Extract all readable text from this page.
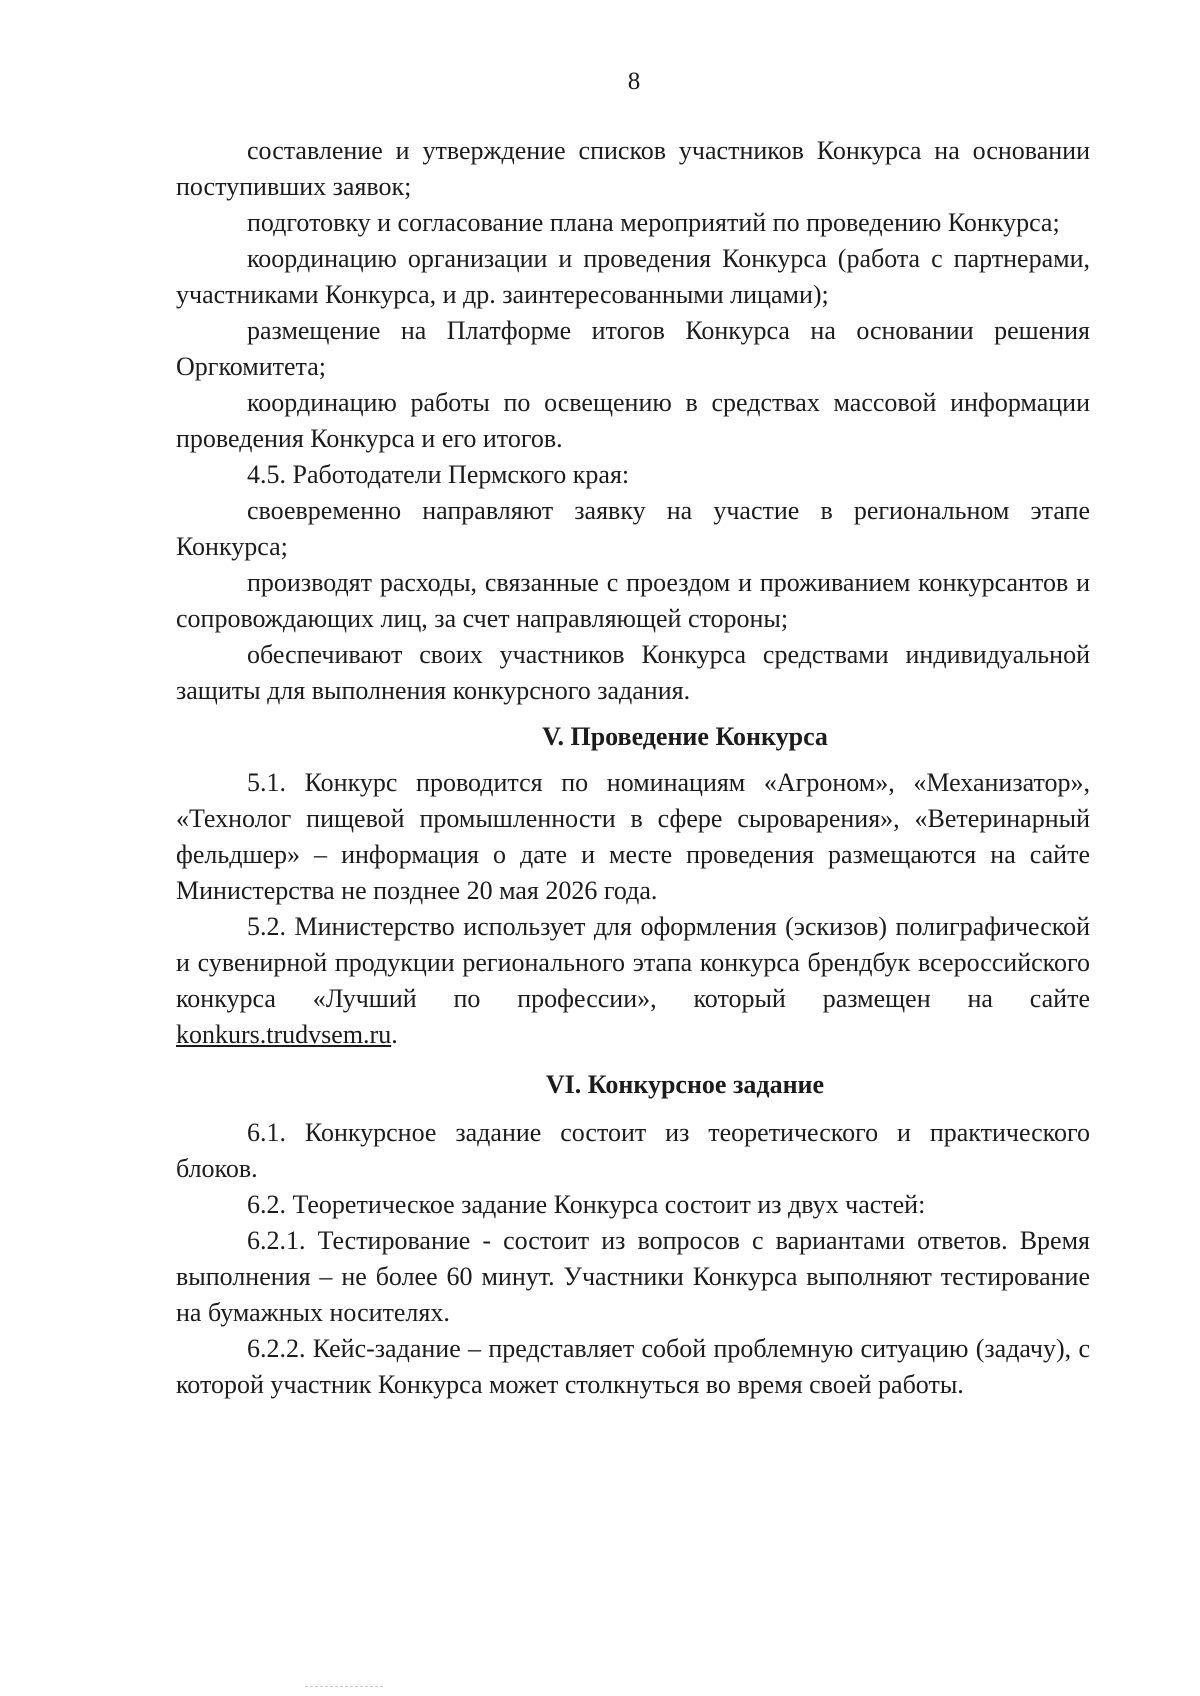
8

составление и утверждение списков участников Конкурса на основании поступивших заявок;

подготовку и согласование плана мероприятий по проведению Конкурса;

координацию организации и проведения Конкурса (работа с партнерами, участниками Конкурса, и др. заинтересованными лицами);

размещение на Платформе итогов Конкурса на основании решения Оргкомитета;

координацию работы по освещению в средствах массовой информации проведения Конкурса и его итогов.

4.5. Работодатели Пермского края:

своевременно направляют заявку на участие в региональном этапе Конкурса;

производят расходы, связанные с проездом и проживанием конкурсантов и сопровождающих лиц, за счет направляющей стороны;

обеспечивают своих участников Конкурса средствами индивидуальной защиты для выполнения конкурсного задания.

V. Проведение Конкурса

5.1. Конкурс проводится по номинациям «Агроном», «Механизатор», «Технолог пищевой промышленности в сфере сыроварения», «Ветеринарный фельдшер» – информация о дате и месте проведения размещаются на сайте Министерства не позднее 20 мая 2026 года.

5.2. Министерство использует для оформления (эскизов) полиграфической и сувенирной продукции регионального этапа конкурса брендбук всероссийского конкурса «Лучший по профессии», который размещен на сайте konkurs.trudvsem.ru.

VI. Конкурсное задание

6.1. Конкурсное задание состоит из теоретического и практического блоков.

6.2. Теоретическое задание Конкурса состоит из двух частей:

6.2.1. Тестирование - состоит из вопросов с вариантами ответов. Время выполнения – не более 60 минут. Участники Конкурса выполняют тестирование на бумажных носителях.

6.2.2. Кейс-задание – представляет собой проблемную ситуацию (задачу), с которой участник Конкурса может столкнуться во время своей работы.
